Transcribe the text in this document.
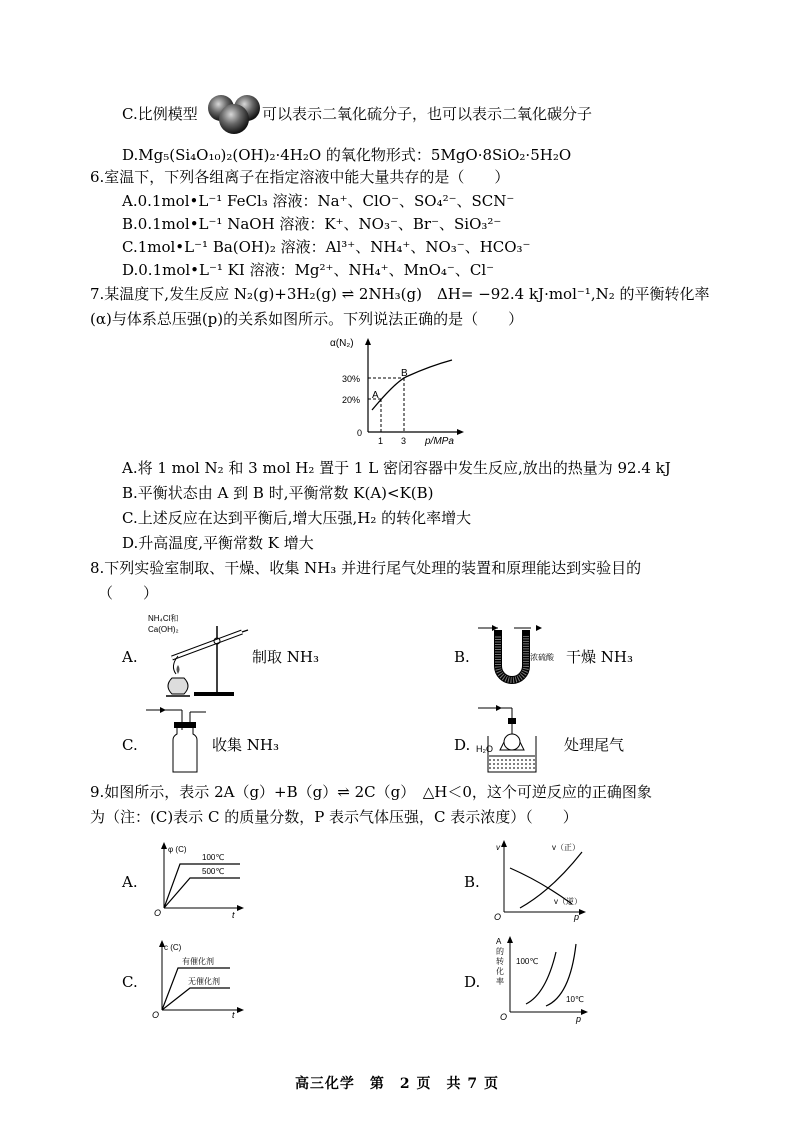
C.比例模型	可以表示二氧化硫分子，也可以表示二氧化碳分子
D.Mg₅(Si₄O₁₀)₂(OH)₂·4H₂O 的氧化物形式：5MgO·8SiO₂·5H₂O
6.室温下，下列各组离子在指定溶液中能大量共存的是（　　）
A.0.1mol•L⁻¹ FeCl₃ 溶液：Na⁺、ClO⁻、SO₄²⁻、SCN⁻
B.0.1mol•L⁻¹ NaOH 溶液：K⁺、NO₃⁻、Br⁻、SiO₃²⁻
C.1mol•L⁻¹ Ba(OH)₂ 溶液：Al³⁺、NH₄⁺、NO₃⁻、HCO₃⁻
D.0.1mol•L⁻¹ KI 溶液：Mg²⁺、NH₄⁺、MnO₄⁻、Cl⁻
7.某温度下,发生反应 N₂(g)+3H₂(g) ⇌ 2NH₃(g)　ΔH= −92.4 kJ·mol⁻¹,N₂ 的平衡转化率
(α)与体系总压强(p)的关系如图所示。下列说法正确的是（　　）
α(N₂)
30%
20%
0
1 3 p/MPa
A
B
A.将 1 mol N₂ 和 3 mol H₂ 置于 1 L 密闭容器中发生反应,放出的热量为 92.4 kJ
B.平衡状态由 A 到 B 时,平衡常数 K(A)<K(B)
C.上述反应在达到平衡后,增大压强,H₂ 的转化率增大
D.升高温度,平衡常数 K 增大
8.下列实验室制取、干燥、收集 NH₃ 并进行尾气处理的装置和原理能达到实验目的
（　　）
A.
NH₄Cl和
Ca(OH)₂
制取 NH₃	B.	浓硫酸 干燥 NH₃
C.	收集 NH₃	D. H₂O	处理尾气
9.如图所示，表示 2A（g）+B（g）⇌ 2C（g）　△H＜0，这个可逆反应的正确图象
为（注：(C)表示 C 的质量分数，P 表示气体压强，C 表示浓度）（　　）
A.
φ (C)
100℃
500℃
O	t
B.
v	v（正）
v（逆）
O	p
C.
c (C)
有催化剂
无催化剂
O	t
D.
A 的转化率
100℃
10℃
O	p
高三化学　第　2 页　共 7 页
